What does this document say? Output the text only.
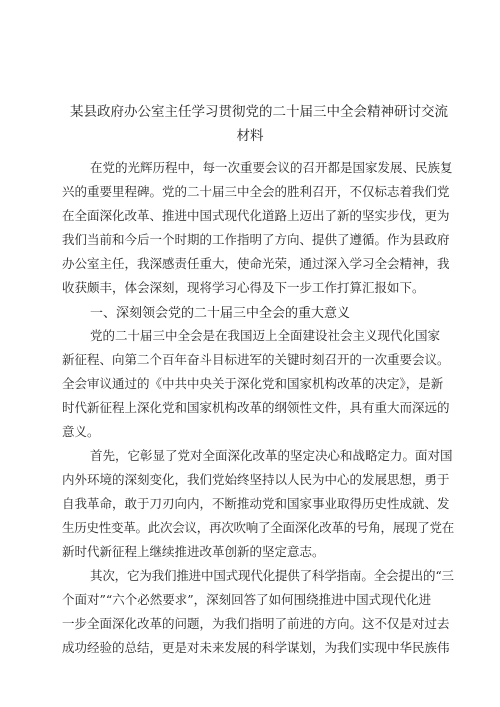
某县政府办公室主任学习贯彻党的二十届三中全会精神研讨交流
材料
在党的光辉历程中，每一次重要会议的召开都是国家发展、民族复
兴的重要里程碑。党的二十届三中全会的胜利召开，不仅标志着我们党
在全面深化改革、推进中国式现代化道路上迈出了新的坚实步伐，更为
我们当前和今后一个时期的工作指明了方向、提供了遵循。作为县政府
办公室主任，我深感责任重大，使命光荣，通过深入学习全会精神，我
收获颇丰，体会深刻，现将学习心得及下一步工作打算汇报如下。
一、深刻领会党的二十届三中全会的重大意义
党的二十届三中全会是在我国迈上全面建设社会主义现代化国家
新征程、向第二个百年奋斗目标进军的关键时刻召开的一次重要会议。
全会审议通过的《中共中央关于深化党和国家机构改革的决定》，是新
时代新征程上深化党和国家机构改革的纲领性文件，具有重大而深远的
意义。
首先，它彰显了党对全面深化改革的坚定决心和战略定力。面对国
内外环境的深刻变化，我们党始终坚持以人民为中心的发展思想，勇于
自我革命，敢于刀刃向内，不断推动党和国家事业取得历史性成就、发
生历史性变革。此次会议，再次吹响了全面深化改革的号角，展现了党在
新时代新征程上继续推进改革创新的坚定意志。
其次，它为我们推进中国式现代化提供了科学指南。全会提出的“三
个面对”“六个必然要求”，深刻回答了如何围绕推进中国式现代化进
一步全面深化改革的问题，为我们指明了前进的方向。这不仅是对过去
成功经验的总结，更是对未来发展的科学谋划，为我们实现中华民族伟
